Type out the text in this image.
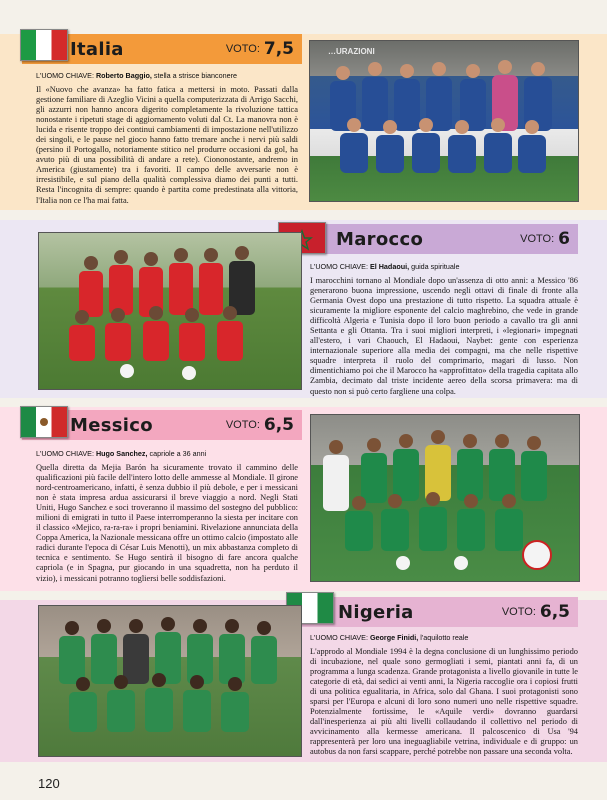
Italia	VOTO: 7,5
L'UOMO CHIAVE: Roberto Baggio, stella a strisce bianconere
Il «Nuovo che avanza» ha fatto fatica a mettersi in moto. Passati dalla gestione familiare di Azeglio Vicini a quella computerizzata di Arrigo Sacchi, gli azzurri non hanno ancora digerito completamente la rivoluzione tattica nonostante i ripetuti stage di aggiornamento voluti dal Ct. La manovra non è lucida e risente troppo dei continui cambiamenti di impostazione nell'utilizzo dei singoli, e le pause nel gioco hanno fatto tremare anche i nervi più saldi (persino il Portogallo, notoriamente stitico nel produrre occasioni da gol, ha avuto più di una possibilità di andare a rete). Ciononostante, andremo in America (giustamente) tra i favoriti. Il campo delle avversarie non è irresistibile, e sul piano della qualità complessiva diamo dei punti a tutti. Resta l'incognita di sempre: quando è partita come predestinata alla vittoria, l'Italia non ce l'ha mai fatta.
…URAZIONI
Marocco	VOTO: 6
L'UOMO CHIAVE: El Hadaoui, guida spirituale
I marocchini tornano al Mondiale dopo un'assenza di otto anni: a Messico '86 generarono buona impressione, uscendo negli ottavi di finale di fronte alla Germania Ovest dopo una prestazione di tutto rispetto. La squadra attuale è sicuramente la migliore esponente del calcio maghrebino, che vede in grande difficoltà Algeria e Tunisia dopo il loro buon periodo a cavallo tra gli anni Settanta e gli Ottanta. Tra i suoi migliori interpreti, i «legionari» impegnati all'estero, i vari Chaouch, El Hadaoui, Naybet: gente con esperienza internazionale superiore alla media dei compagni, ma che nelle rispettive squadre interpreta il ruolo del comprimario, magari di lusso. Non dimentichiamo poi che il Marocco ha «approfittato» della tragedia capitata allo Zambia, decimato dal triste incidente aereo della scorsa primavera: ma di questo non si può certo fargliene una colpa.
Messico	VOTO: 6,5
L'UOMO CHIAVE: Hugo Sanchez, capriole a 36 anni
Quella diretta da Mejia Barón ha sicuramente trovato il cammino delle qualificazioni più facile dell'intero lotto delle ammesse al Mondiale. Il girone nord-centroamericano, infatti, è senza dubbio il più debole, e per i messicani non è stata impresa ardua assicurarsi il breve viaggio a nord. Negli Stati Uniti, Hugo Sanchez e soci troveranno il massimo del sostegno del pubblico: milioni di emigrati in tutto il Paese interromperanno la siesta per incitare con il classico «Mejico, ra-ra-ra» i propri beniamini. Rivelazione annunciata della Coppa America, la Nazionale messicana offre un ottimo calcio (impostato alle radici durante l'epoca di César Luis Menotti), un mix abbastanza completo di tecnica e sentimento. Se Hugo sentirà il bisogno di fare ancora qualche capriola (e in Spagna, pur giocando in una squadretta, non ha perduto il vizio), i messicani potranno togliersi belle soddisfazioni.
Nigeria	VOTO: 6,5
L'UOMO CHIAVE: George Finidi, l'aquilotto reale
L'approdo al Mondiale 1994 è la degna conclusione di un lunghissimo periodo di incubazione, nel quale sono germogliati i semi, piantati anni fa, di un programma a lunga scadenza. Grande protagonista a livello giovanile in tutte le categorie di età, dai sedici ai venti anni, la Nigeria raccoglie ora i copiosi frutti di una politica egualitaria, in Africa, solo dal Ghana. I suoi protagonisti sono sparsi per l'Europa e alcuni di loro sono numeri uno nelle rispettive squadre. Potenzialmente fortissime, le «Aquile verdi» dovranno guardarsi dall'inesperienza ai più alti livelli collaudando il collettivo nel periodo di avvicinamento alla kermesse americana. Il palcoscenico di Usa '94 rappresenterà per loro una ineguagliabile vetrina, individuale e di gruppo: un autobus da non farsi scappare, perché potrebbe non passare una seconda volta.
120
